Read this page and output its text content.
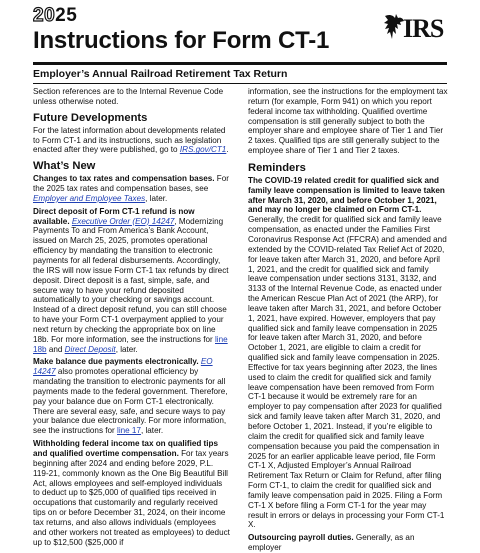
2025
Instructions for Form CT-1	IRS
Employer’s Annual Railroad Retirement Tax Return

Section references are to the Internal Revenue Code unless otherwise noted.

Future Developments

For the latest information about developments related to Form CT-1 and its instructions, such as legislation enacted after they were published, go to IRS.gov/CT1.

What’s New

Changes to tax rates and compensation bases. For the 2025 tax rates and compensation bases, see Employer and Employee Taxes, later.

Direct deposit of Form CT-1 refund is now available. Executive Order (EO) 14247, Modernizing Payments To and From America’s Bank Account, issued on March 25, 2025, promotes operational efficiency by mandating the transition to electronic payments for all federal disbursements. Accordingly, the IRS will now issue Form CT-1 tax refunds by direct deposit. Direct deposit is a fast, simple, safe, and secure way to have your refund deposited automatically to your checking or savings account. Instead of a direct deposit refund, you can still choose to have your Form CT-1 overpayment applied to your next return by checking the appropriate box on line 18b. For more information, see the instructions for line 18b and Direct Deposit, later.

Make balance due payments electronically. EO 14247 also promotes operational efficiency by mandating the transition to electronic payments for all payments made to the federal government. Therefore, pay your balance due on Form CT-1 electronically. There are several easy, safe, and secure ways to pay your balance due electronically. For more information, see the instructions for line 17, later.

Withholding federal income tax on qualified tips and qualified overtime compensation. For tax years beginning after 2024 and ending before 2029, P.L. 119-21, commonly known as the One Big Beautiful Bill Act, allows employees and self-employed individuals to deduct up to $25,000 of qualified tips received in occupations that customarily and regularly received tips on or before December 31, 2024, on their income tax returns, and also allows individuals (employees and other workers not treated as employees) to deduct up to $12,500 ($25,000 if

information, see the instructions for the employment tax return (for example, Form 941) on which you report federal income tax withholding. Qualified overtime compensation is still generally subject to both the employer share and employee share of Tier 1 and Tier 2 taxes. Qualified tips are still generally subject to the employee share of Tier 1 and Tier 2 taxes.

Reminders

The COVID-19 related credit for qualified sick and family leave compensation is limited to leave taken after March 31, 2020, and before October 1, 2021, and may no longer be claimed on Form CT-1. Generally, the credit for qualified sick and family leave compensation, as enacted under the Families First Coronavirus Response Act (FFCRA) and amended and extended by the COVID-related Tax Relief Act of 2020, for leave taken after March 31, 2020, and before April 1, 2021, and the credit for qualified sick and family leave compensation under sections 3131, 3132, and 3133 of the Internal Revenue Code, as enacted under the American Rescue Plan Act of 2021 (the ARP), for leave taken after March 31, 2021, and before October 1, 2021, have expired. However, employers that pay qualified sick and family leave compensation in 2025 for leave taken after March 31, 2020, and before October 1, 2021, are eligible to claim a credit for qualified sick and family leave compensation in 2025. Effective for tax years beginning after 2023, the lines used to claim the credit for qualified sick and family leave compensation have been removed from Form CT-1 because it would be extremely rare for an employer to pay compensation after 2023 for qualified sick and family leave taken after March 31, 2020, and before October 1, 2021. Instead, if you’re eligible to claim the credit for qualified sick and family leave compensation because you paid the compensation in 2025 for an earlier applicable leave period, file Form CT-1 X, Adjusted Employer’s Annual Railroad Retirement Tax Return or Claim for Refund, after filing Form CT-1, to claim the credit for qualified sick and family leave compensation paid in 2025. Filing a Form CT-1 X before filing a Form CT-1 for the year may result in errors or delays in processing your Form CT-1 X.

Outsourcing payroll duties. Generally, as an employer
